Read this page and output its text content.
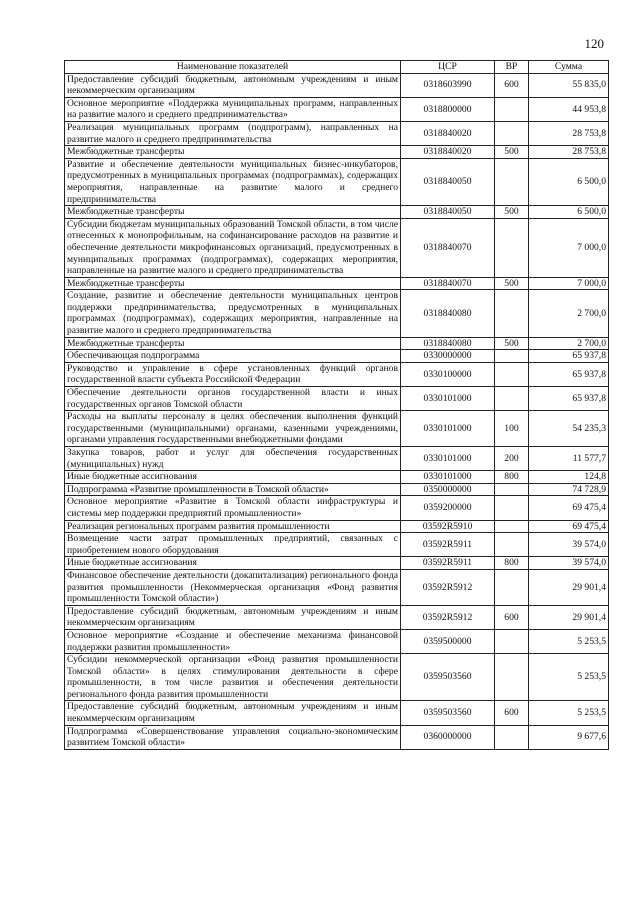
120
Наименование показателей	ЦСР	ВР	Сумма
Предоставление субсидий бюджетным, автономным учреждениям и иным некоммерческим организациям	0318603990	600	55 835,0
Основное мероприятие «Поддержка муниципальных программ, направленных на развитие малого и среднего предпринимательства»	0318800000		44 953,8
Реализация муниципальных программ (подпрограмм), направленных на развитие малого и среднего предпринимательства	0318840020		28 753,8
Межбюджетные трансферты	0318840020	500	28 753,8
Развитие и обеспечение деятельности муниципальных бизнес-инкубаторов, предусмотренных в муниципальных программах (подпрограммах), содержащих мероприятия, направленные на развитие малого и среднего предпринимательства	0318840050		6 500,0
Межбюджетные трансферты	0318840050	500	6 500,0
Субсидии бюджетам муниципальных образований Томской области, в том числе отнесенных к монопрофильным, на софинансирование расходов на развитие и обеспечение деятельности микрофинансовых организаций, предусмотренных в муниципальных программах (подпрограммах), содержащих мероприятия, направленные на развитие малого и среднего предпринимательства	0318840070		7 000,0
Межбюджетные трансферты	0318840070	500	7 000,0
Создание, развитие и обеспечение деятельности муниципальных центров поддержки предпринимательства, предусмотренных в муниципальных программах (подпрограммах), содержащих мероприятия, направленные на развитие малого и среднего предпринимательства	0318840080		2 700,0
Межбюджетные трансферты	0318840080	500	2 700,0
Обеспечивающая подпрограмма	0330000000		65 937,8
Руководство и управление в сфере установленных функций органов государственной власти субъекта Российской Федерации	0330100000		65 937,8
Обеспечение деятельности органов государственной власти и иных государственных органов Томской области	0330101000		65 937,8
Расходы на выплаты персоналу в целях обеспечения выполнения функций государственными (муниципальными) органами, казенными учреждениями, органами управления государственными внебюджетными фондами	0330101000	100	54 235,3
Закупка товаров, работ и услуг для обеспечения государственных (муниципальных) нужд	0330101000	200	11 577,7
Иные бюджетные ассигнования	0330101000	800	124,8
Подпрограмма «Развитие промышленности в Томской области»	0350000000		74 728,9
Основное мероприятие «Развитие в Томской области инфраструктуры и системы мер поддержки предприятий промышленности»	0359200000		69 475,4
Реализация региональных программ развития промышленности	03592R5910		69 475,4
Возмещение части затрат промышленных предприятий, связанных с приобретением нового оборудования	03592R5911		39 574,0
Иные бюджетные ассигнования	03592R5911	800	39 574,0
Финансовое обеспечение деятельности (докапитализация) регионального фонда развития промышленности (Некоммерческая организация «Фонд развития промышленности Томской области»)	03592R5912		29 901,4
Предоставление субсидий бюджетным, автономным учреждениям и иным некоммерческим организациям	03592R5912	600	29 901,4
Основное мероприятие «Создание и обеспечение механизма финансовой поддержки развития промышленности»	0359500000		5 253,5
Субсидии некоммерческой организации «Фонд развития промышленности Томской области» в целях стимулирования деятельности в сфере промышленности, в том числе развития и обеспечения деятельности регионального фонда развития промышленности	0359503560		5 253,5
Предоставление субсидий бюджетным, автономным учреждениям и иным некоммерческим организациям	0359503560	600	5 253,5
Подпрограмма «Совершенствование управления социально-экономическим развитием Томской области»	0360000000		9 677,6
